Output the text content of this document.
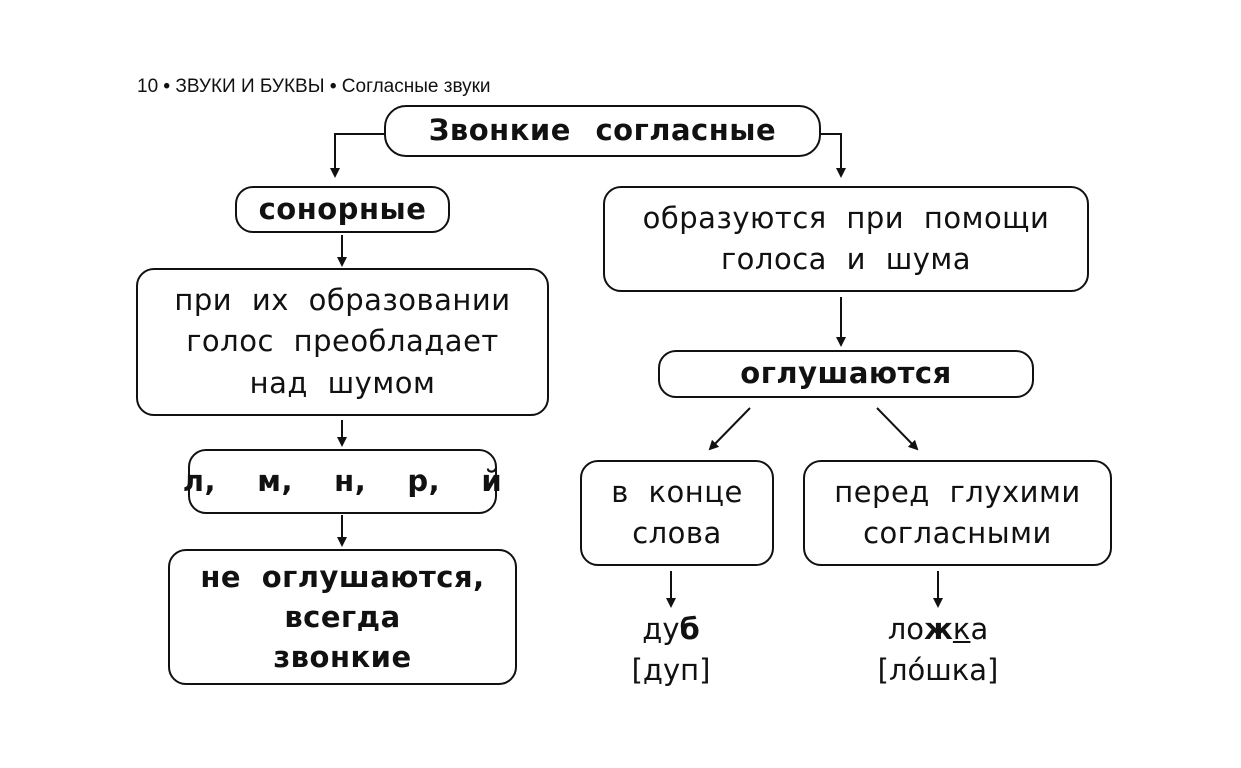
10 • ЗВУКИ И БУКВЫ • Согласные звуки
Звонкие согласные
сонорные
при их образовании
голос преобладает
над шумом
л,  м,  н,  р,  й
не оглушаются,
всегда
звонкие
образуются при помощи
голоса и шума
оглушаются
в конце
слова
перед глухими
согласными
дуб
[дуп]
ложка
[ло́шка]
